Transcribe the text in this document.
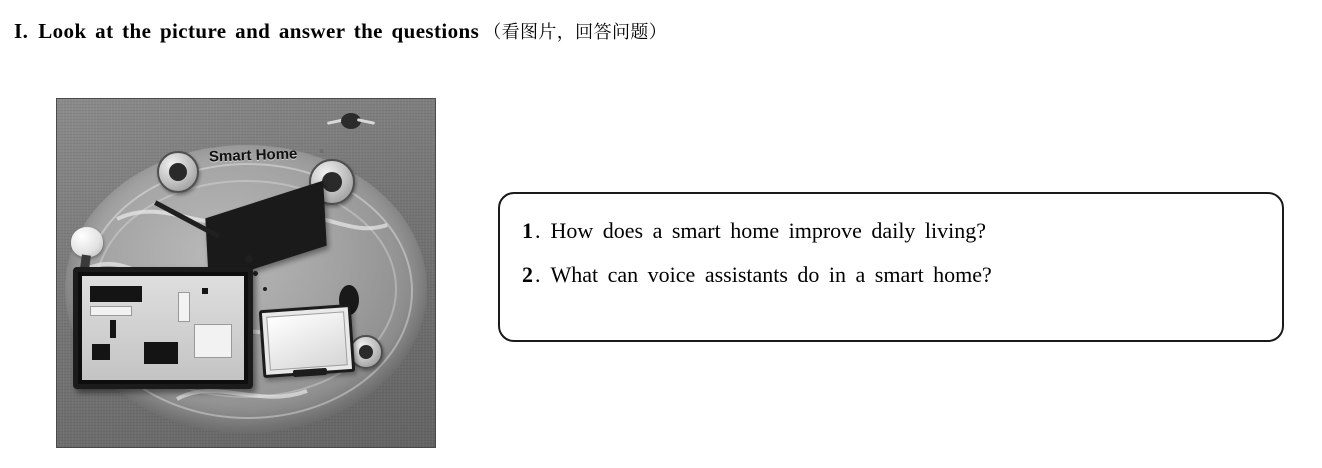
I. Look at the picture and answer the questions （看图片，回答问题）
Smart Home
1 . How does a smart home improve daily living?
2 . What can voice assistants do in a smart home?
